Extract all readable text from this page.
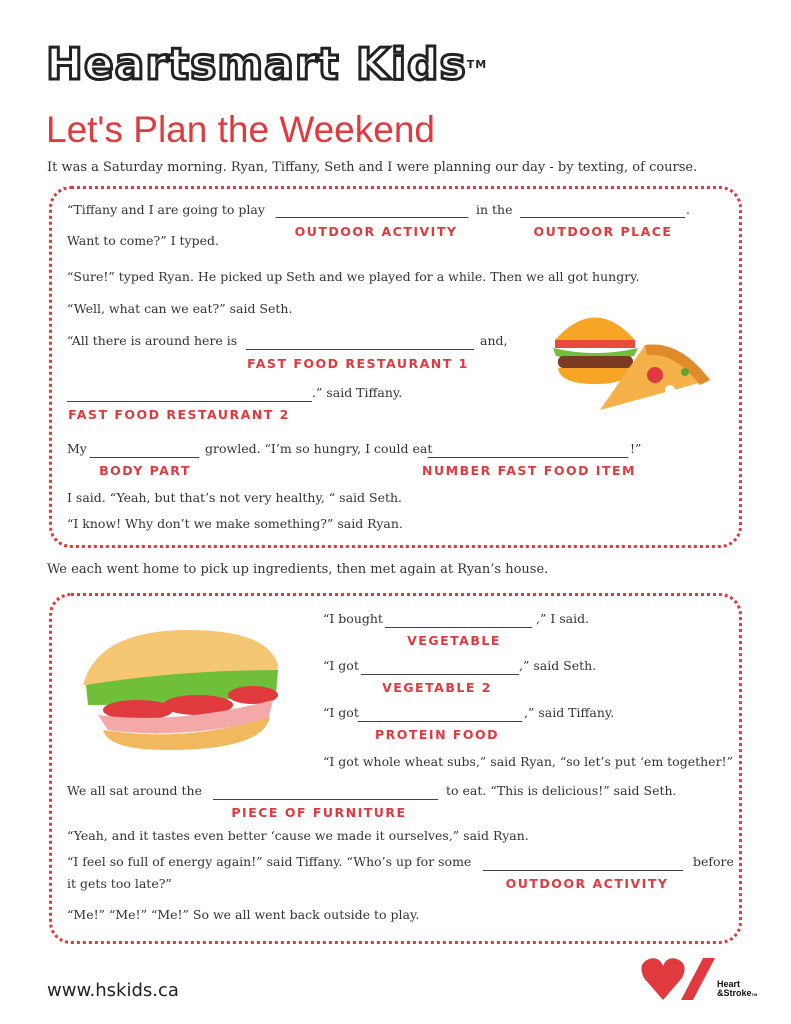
Heartsmart Kids™
Let's Plan the Weekend
It was a Saturday morning. Ryan, Tiffany, Seth and I were planning our day - by texting, of course.
“Tiffany and I are going to play	in the	.
OUTDOOR ACTIVITY	OUTDOOR PLACE
Want to come?” I typed.
“Sure!” typed Ryan. He picked up Seth and we played for a while. Then we all got hungry.
“Well, what can we eat?” said Seth.
“All there is around here is	and,
FAST FOOD RESTAURANT 1
.” said Tiffany.
FAST FOOD RESTAURANT 2
My	growled. “I’m so hungry, I could eat	!”
BODY PART	NUMBER FAST FOOD ITEM
I said. “Yeah, but that’s not very healthy, “ said Seth.
“I know! Why don’t we make something?” said Ryan.
We each went home to pick up ingredients, then met again at Ryan’s house.
“I bought	,” I said.
VEGETABLE
“I got	,” said Seth.
VEGETABLE 2
“I got	,” said Tiffany.
PROTEIN FOOD
“I got whole wheat subs,” said Ryan, “so let’s put ‘em together!”
We all sat around the	to eat. “This is delicious!” said Seth.
PIECE OF FURNITURE
“Yeah, and it tastes even better ‘cause we made it ourselves,” said Ryan.
“I feel so full of energy again!” said Tiffany. “Who’s up for some	before
it gets too late?”	OUTDOOR ACTIVITY
“Me!” “Me!” “Me!” So we all went back outside to play.
www.hskids.ca	Heart
&StrokeTM
